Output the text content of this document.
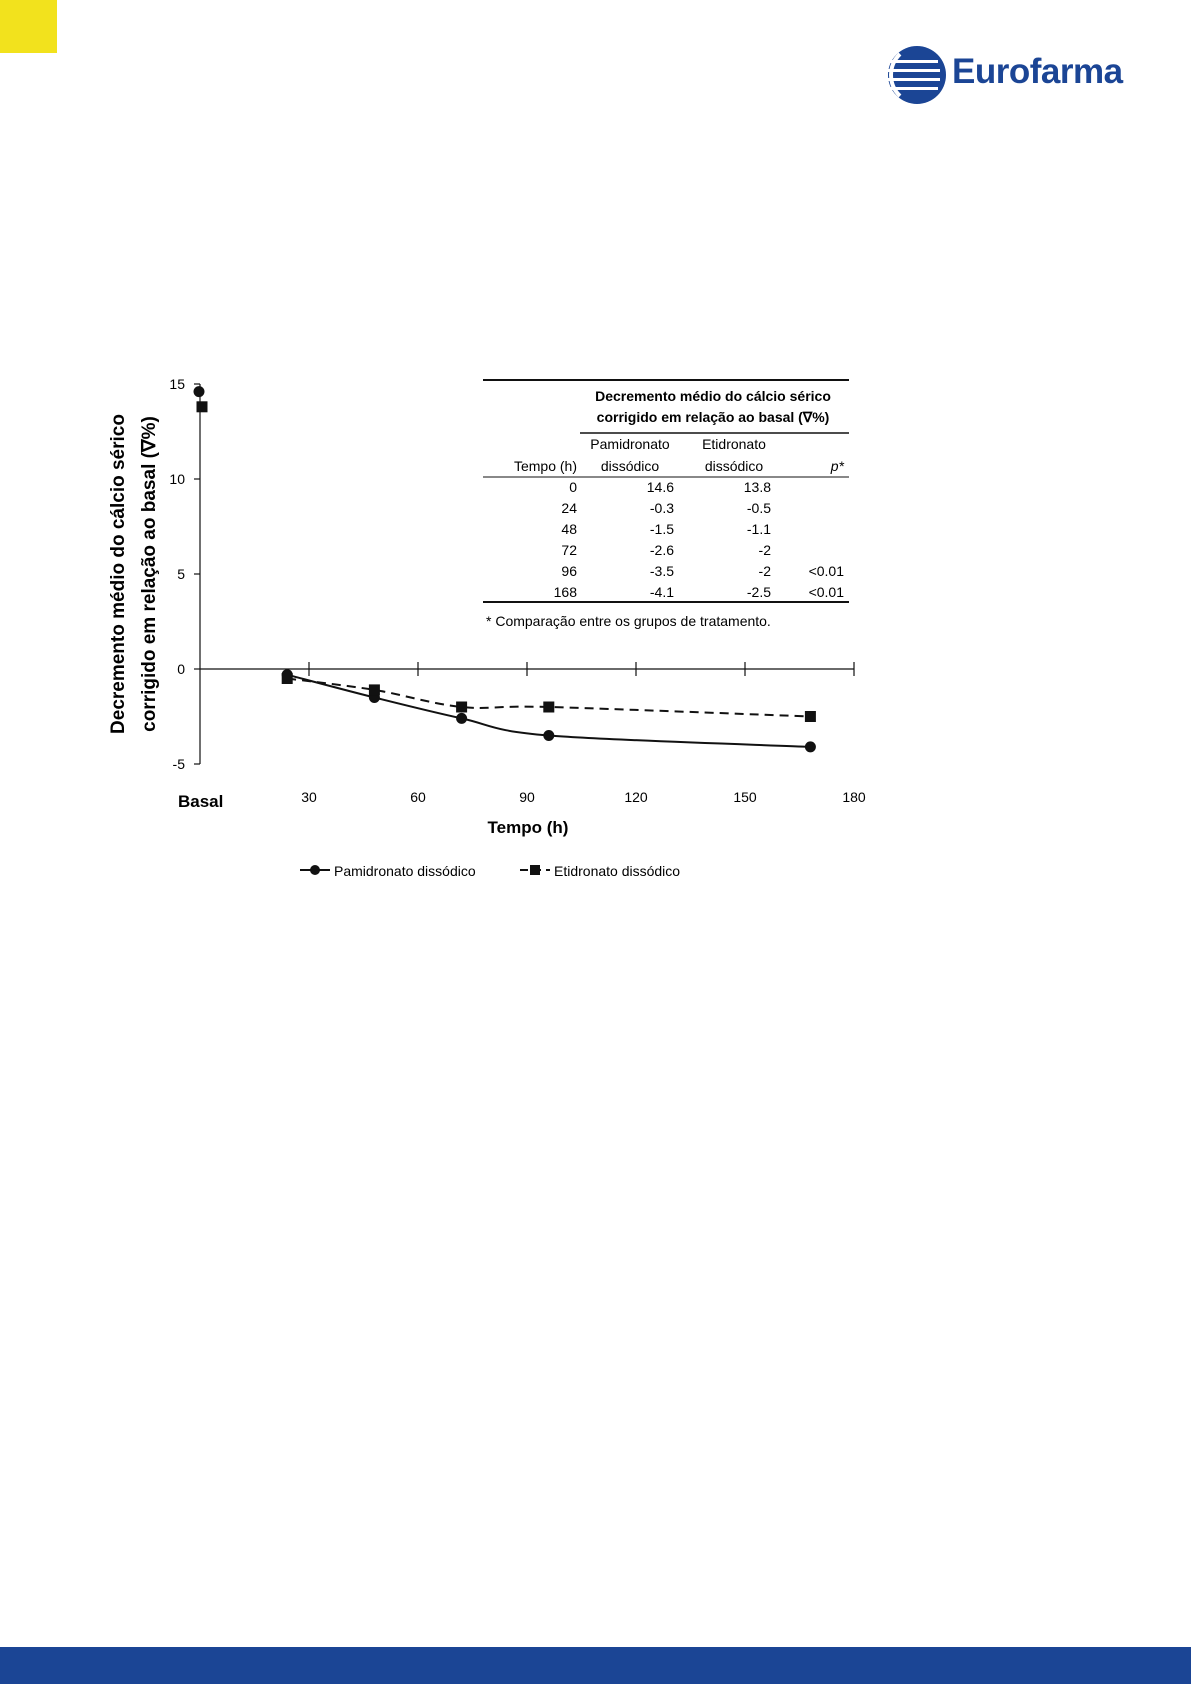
Eurofarma
-5
0
5
10
15
Basal	30	60	90	120	150	180
Decremento médio do cálcio sérico corrigido em relação ao basal (∇%)
Tempo (h)
Decremento médio do cálcio sérico
corrigido em relação ao basal (∇%)
Tempo (h)
Pamidronato
dissódico
Etidronato
dissódico	p*
0	14.6	13.8
24	-0.3	-0.5
48	-1.5	-1.1
72	-2.6	-2
96	-3.5	-2	<0.01
168	-4.1	-2.5	<0.01
* Comparação entre os grupos de tratamento.
Pamidronato dissódico	Etidronato dissódico
